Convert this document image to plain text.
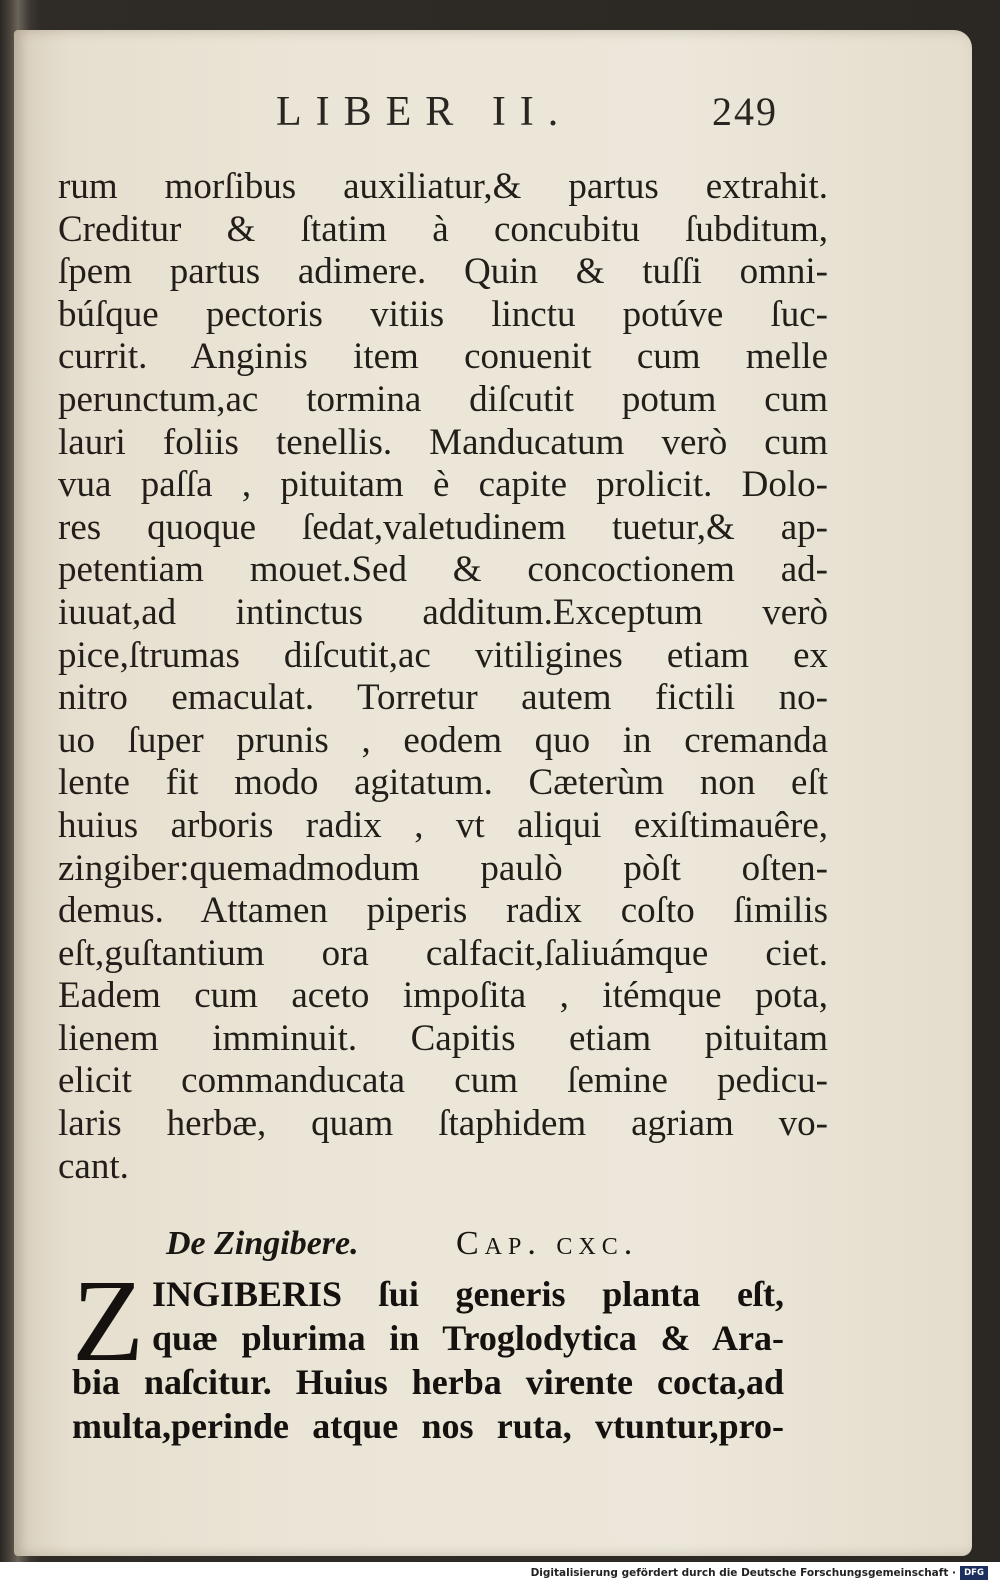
LIBER II.	249
rum morſibus auxiliatur,& partus extrahit.
Creditur & ſtatim à concubitu ſubditum,
ſpem partus adimere. Quin & tuſſi omni-
búſque pectoris vitiis linctu potúve ſuc-
currit. Anginis item conuenit cum melle
perunctum,ac tormina diſcutit potum cum
lauri foliis tenellis. Manducatum verò cum
vua paſſa , pituitam è capite prolicit. Dolo-
res quoque ſedat,valetudinem tuetur,& ap-
petentiam mouet.Sed & concoctionem ad-
iuuat,ad intinctus additum.Exceptum verò
pice,ſtrumas diſcutit,ac vitiligines etiam ex
nitro emaculat. Torretur autem fictili no-
uo ſuper prunis , eodem quo in cremanda
lente fit modo agitatum. Cæterùm non eſt
huius arboris radix , vt aliqui exiſtimauêre,
zingiber:quemadmodum paulò pòſt oſten-
demus. Attamen piperis radix coſto ſimilis
eſt,guſtantium ora calfacit,ſaliuámque ciet.
Eadem cum aceto impoſita , itémque pota,
lienem imminuit. Capitis etiam pituitam
elicit commanducata cum ſemine pedicu-
laris herbæ, quam ſtaphidem agriam vo-
cant.
De Zingibere.	Cap. cxc.
Z INGIBERIS ſui generis planta eſt,
quæ plurima in Troglodytica & Ara-
bia naſcitur. Huius herba virente cocta,ad
multa,perinde atque nos ruta, vtuntur,pro-
Digitalisierung gefördert durch die Deutsche Forschungsgemeinschaft · DFG
